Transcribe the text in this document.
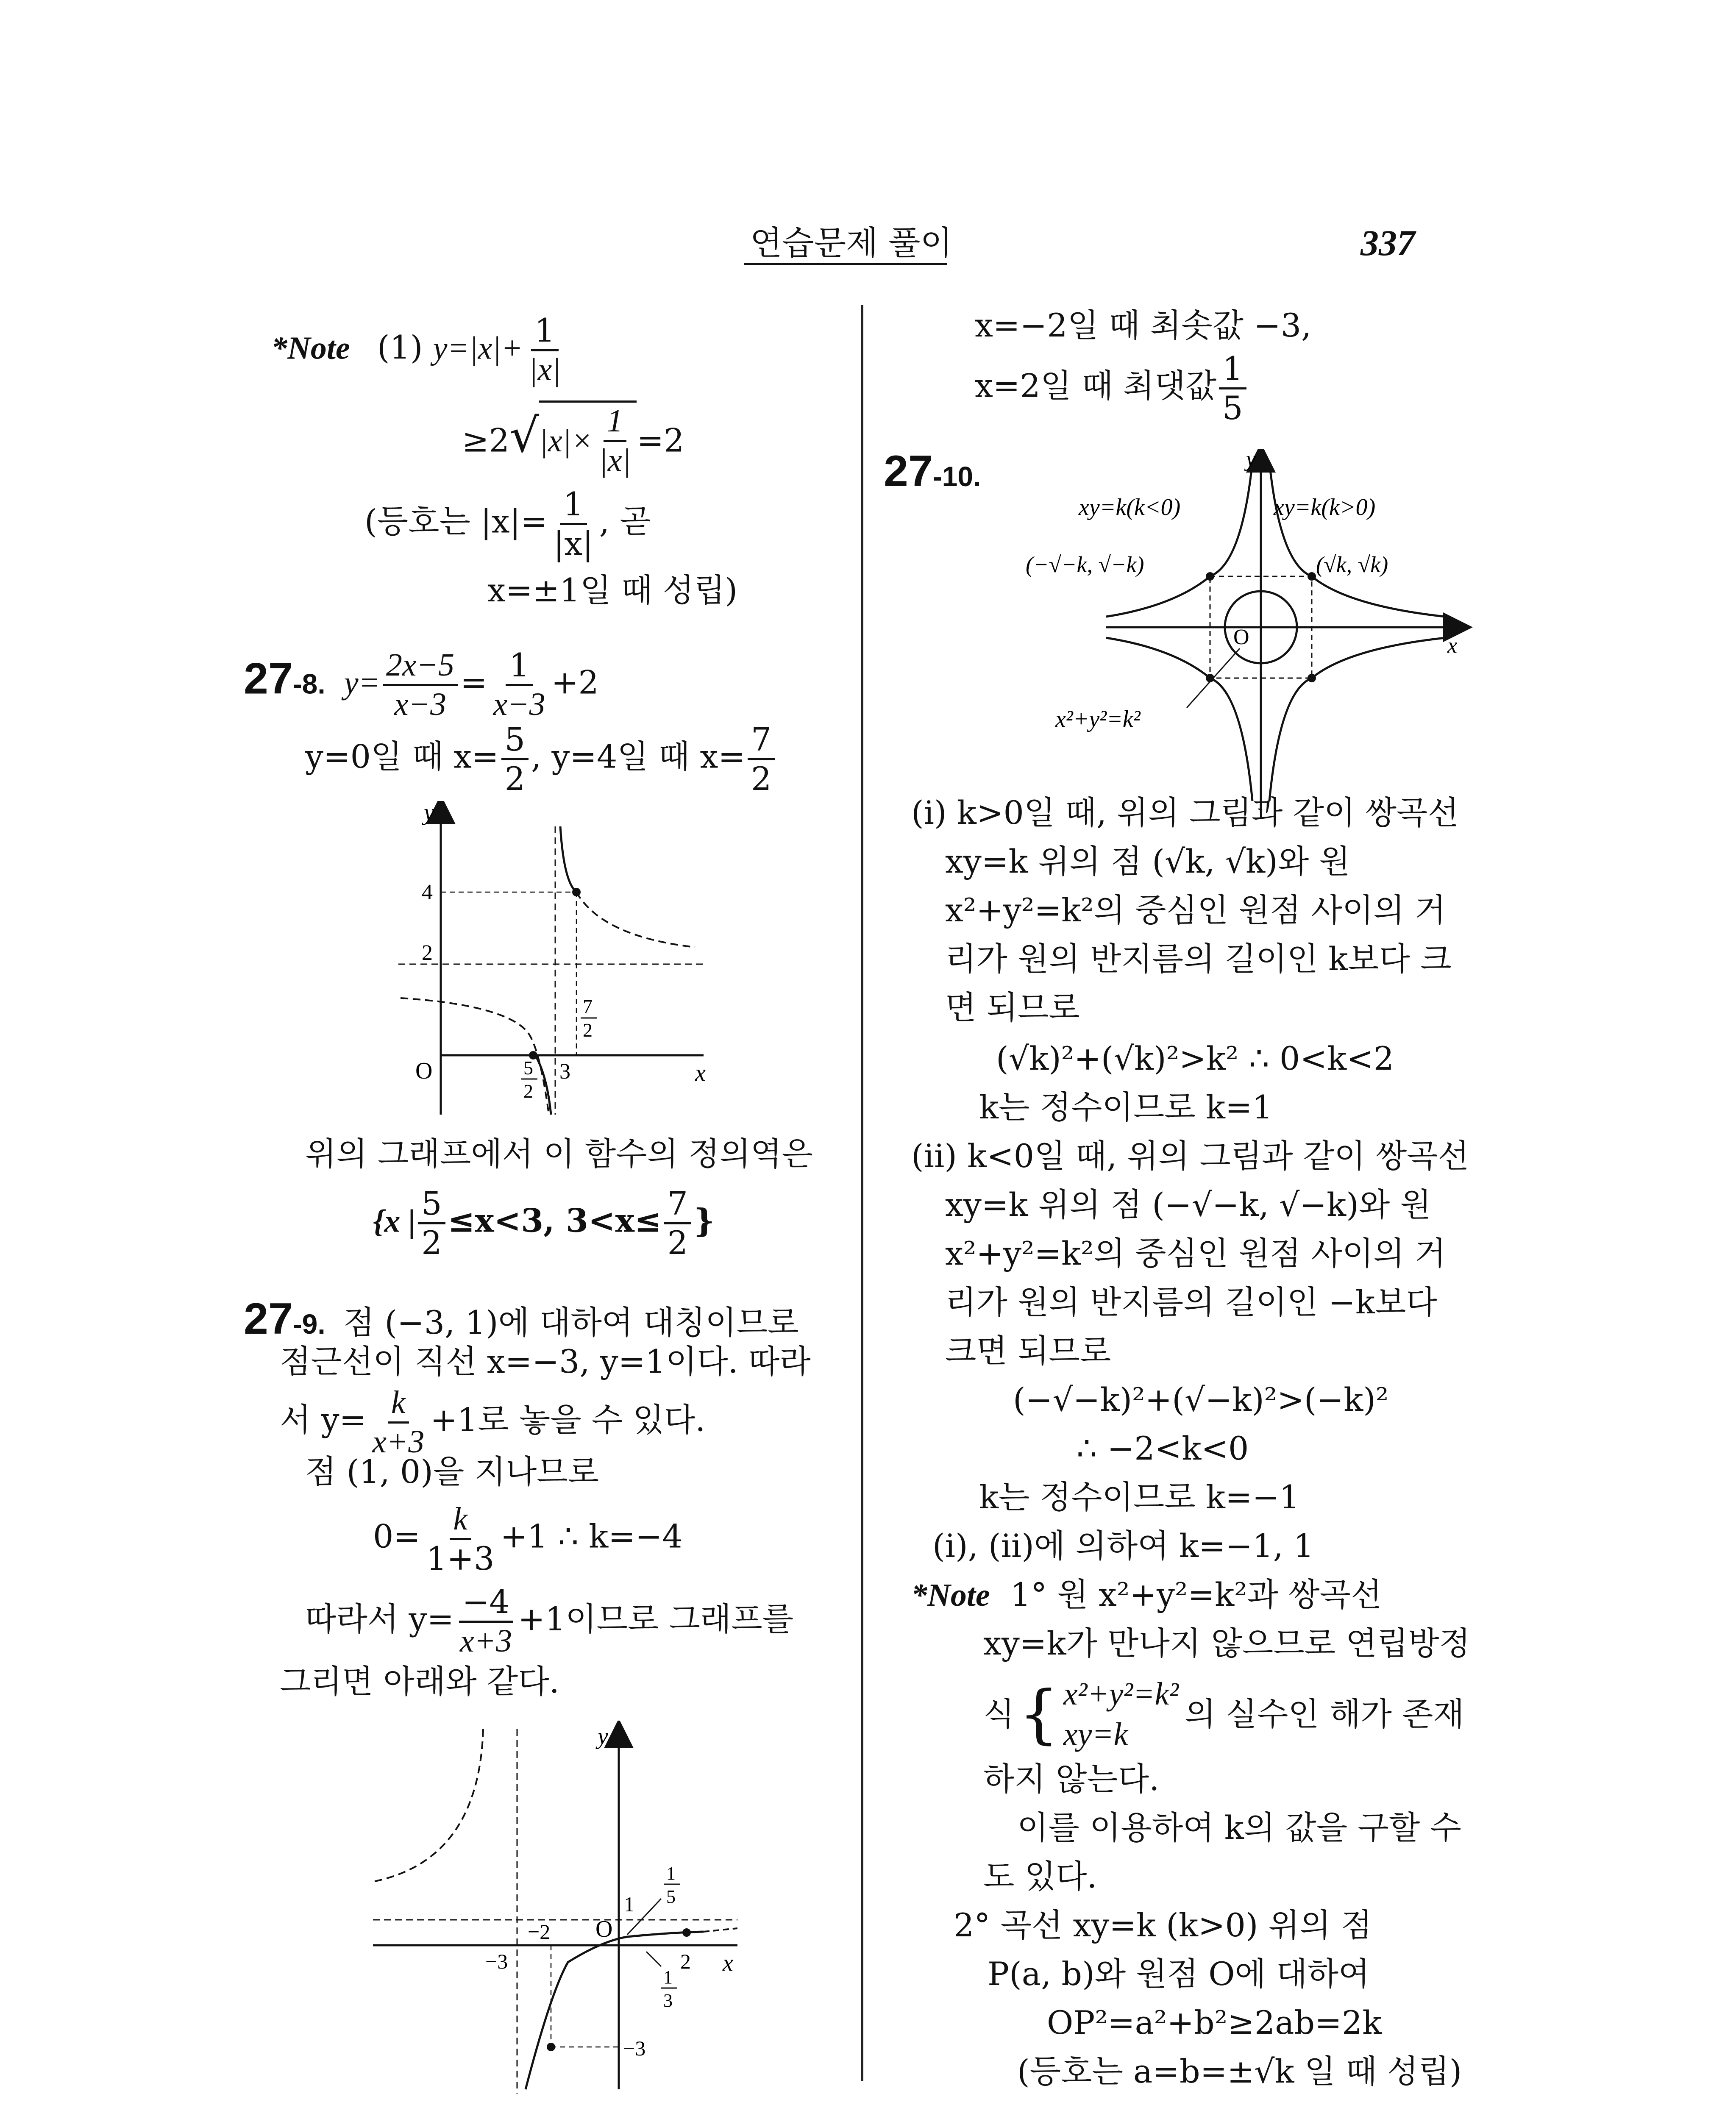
연습문제 풀이	337
*Note (1) $y=|x|+ \frac{1}{|x|}$
≥2√ $|x|\times \frac{1}{|x|} =2$
(등호는 $|x|= \frac{1}{|x|}$ , 곧
x=±1일 때 성립)
27-8. $y= \frac{2x-5}{x-3} = \frac{1}{x-3} +2$
y=0일 때 $x= \frac{5}{2}$ , y=4일 때 $x= \frac{7}{2}$
y
x
O
4
2
3
5
2
7
2
위의 그래프에서 이 함수의 정의역은
{x | $\frac{5}{2} \le x<3$, $3<x\le \frac{7}{2}$ }
27-9. 점 (−3, 1)에 대하여 대칭이므로
점근선이 직선 x=−3, y=1이다. 따라
서 $y= \frac{k}{x+3} +1$로 놓을 수 있다.
점 (1, 0)을 지나므로
$0= \frac{k}{1+3} +1$ ∴ k=−4
따라서 $y= \frac{-4}{x+3} +1$이므로 그래프를
그리면 아래와 같다.
y
x
O
1
−2
−3	2
−3
1
5
1
3
x=−2일 때 최솟값 −3,
x=2일 때 최댓값 $\frac{1}{5}$
27-10.
y
x
O
xy=k(k<0)	xy=k(k>0)
(−√−k, √−k)	(√k, √k)
x²+y²=k²
(i) k>0일 때, 위의 그림과 같이 쌍곡선
xy=k 위의 점 (√k, √k)와 원
x²+y²=k²의 중심인 원점 사이의 거
리가 원의 반지름의 길이인 k보다 크
면 되므로
(√k)²+(√k)²>k² ∴ 0<k<2
k는 정수이므로 k=1
(ii) k<0일 때, 위의 그림과 같이 쌍곡선
xy=k 위의 점 (−√−k, √−k)와 원
x²+y²=k²의 중심인 원점 사이의 거
리가 원의 반지름의 길이인 −k보다
크면 되므로
(−√−k)²+(√−k)²>(−k)²
∴ −2<k<0
k는 정수이므로 k=−1
(i), (ii)에 의하여 k=−1, 1
*Note 1° 원 x²+y²=k²과 쌍곡선
xy=k가 만나지 않으므로 연립방정
식 { x²+y²=k²
xy=k
의 실수인 해가 존재
하지 않는다.
이를 이용하여 k의 값을 구할 수
도 있다.
2° 곡선 xy=k (k>0) 위의 점
P(a, b)와 원점 O에 대하여
OP²=a²+b²≥2ab=2k
(등호는 a=b=±√k 일 때 성립)
